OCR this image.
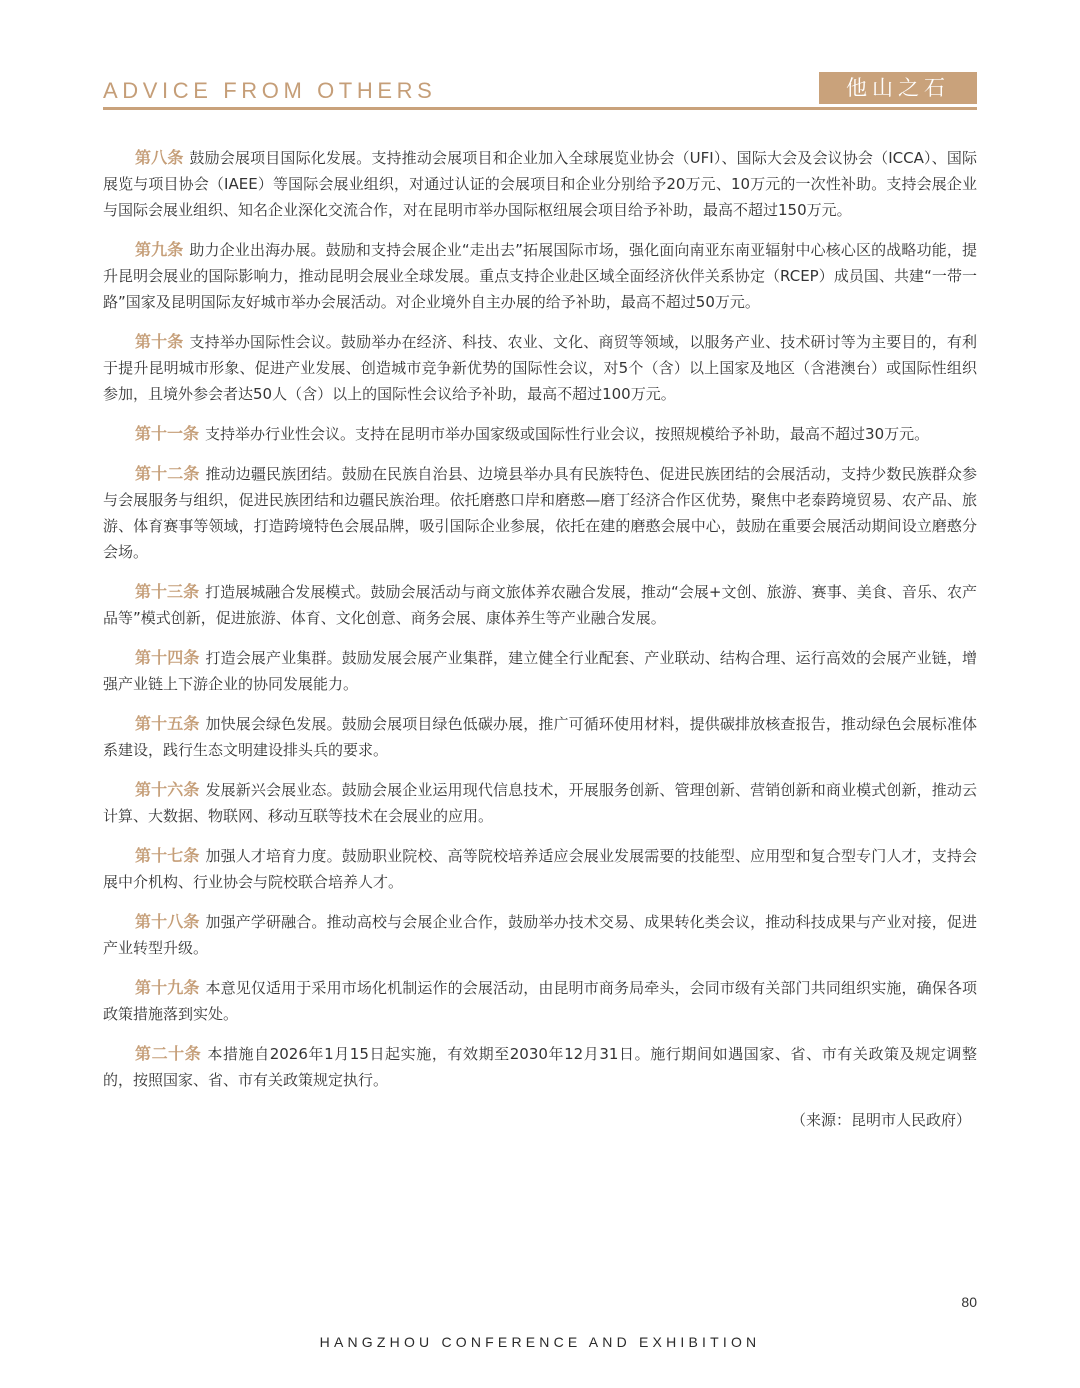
ADVICE FROM OTHERS	他山之石

第八条 鼓励会展项目国际化发展。支持推动会展项目和企业加入全球展览业协会（UFI）、国际大会及会议协会（ICCA）、国际展览与项目协会（IAEE）等国际会展业组织，对通过认证的会展项目和企业分别给予20万元、10万元的一次性补助。支持会展企业与国际会展业组织、知名企业深化交流合作，对在昆明市举办国际枢纽展会项目给予补助，最高不超过150万元。

第九条 助力企业出海办展。鼓励和支持会展企业“走出去”拓展国际市场，强化面向南亚东南亚辐射中心核心区的战略功能，提升昆明会展业的国际影响力，推动昆明会展业全球发展。重点支持企业赴区域全面经济伙伴关系协定（RCEP）成员国、共建“一带一路”国家及昆明国际友好城市举办会展活动。对企业境外自主办展的给予补助，最高不超过50万元。

第十条 支持举办国际性会议。鼓励举办在经济、科技、农业、文化、商贸等领域，以服务产业、技术研讨等为主要目的，有利于提升昆明城市形象、促进产业发展、创造城市竞争新优势的国际性会议，对5个（含）以上国家及地区（含港澳台）或国际性组织参加，且境外参会者达50人（含）以上的国际性会议给予补助，最高不超过100万元。

第十一条 支持举办行业性会议。支持在昆明市举办国家级或国际性行业会议，按照规模给予补助，最高不超过30万元。

第十二条 推动边疆民族团结。鼓励在民族自治县、边境县举办具有民族特色、促进民族团结的会展活动，支持少数民族群众参与会展服务与组织，促进民族团结和边疆民族治理。依托磨憨口岸和磨憨—磨丁经济合作区优势，聚焦中老泰跨境贸易、农产品、旅游、体育赛事等领域，打造跨境特色会展品牌，吸引国际企业参展，依托在建的磨憨会展中心，鼓励在重要会展活动期间设立磨憨分会场。

第十三条 打造展城融合发展模式。鼓励会展活动与商文旅体养农融合发展，推动“会展+文创、旅游、赛事、美食、音乐、农产品等”模式创新，促进旅游、体育、文化创意、商务会展、康体养生等产业融合发展。

第十四条 打造会展产业集群。鼓励发展会展产业集群，建立健全行业配套、产业联动、结构合理、运行高效的会展产业链，增强产业链上下游企业的协同发展能力。

第十五条 加快展会绿色发展。鼓励会展项目绿色低碳办展，推广可循环使用材料，提供碳排放核查报告，推动绿色会展标准体系建设，践行生态文明建设排头兵的要求。

第十六条 发展新兴会展业态。鼓励会展企业运用现代信息技术，开展服务创新、管理创新、营销创新和商业模式创新，推动云计算、大数据、物联网、移动互联等技术在会展业的应用。

第十七条 加强人才培育力度。鼓励职业院校、高等院校培养适应会展业发展需要的技能型、应用型和复合型专门人才，支持会展中介机构、行业协会与院校联合培养人才。

第十八条 加强产学研融合。推动高校与会展企业合作，鼓励举办技术交易、成果转化类会议，推动科技成果与产业对接，促进产业转型升级。

第十九条 本意见仅适用于采用市场化机制运作的会展活动，由昆明市商务局牵头，会同市级有关部门共同组织实施，确保各项政策措施落到实处。

第二十条 本措施自2026年1月15日起实施，有效期至2030年12月31日。施行期间如遇国家、省、市有关政策及规定调整的，按照国家、省、市有关政策规定执行。

（来源：昆明市人民政府）

80
HANGZHOU CONFERENCE AND EXHIBITION
